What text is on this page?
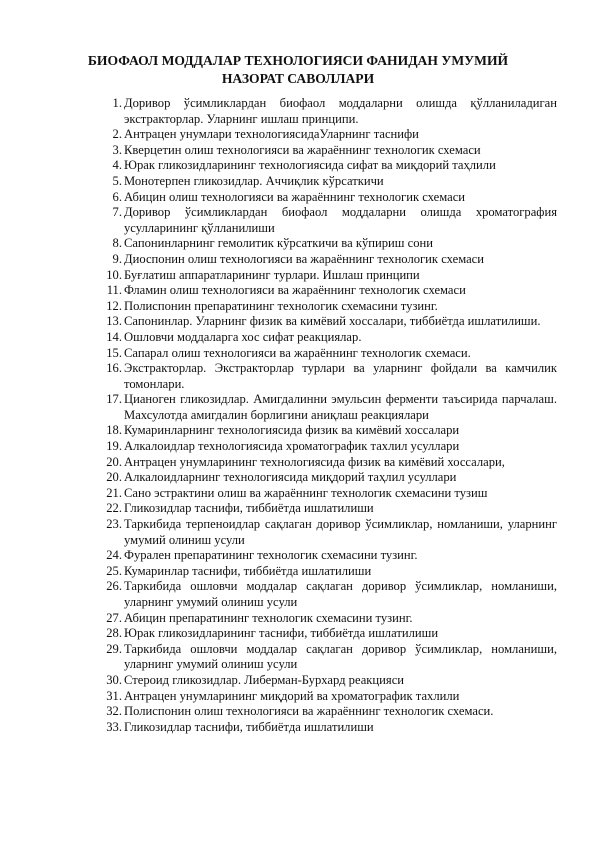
БИОФАОЛ МОДДАЛАР ТЕХНОЛОГИЯСИ ФАНИДАН УМУМИЙ
НАЗОРАТ САВОЛЛАРИ
1. Доривор ўсимликлардан биофаол моддаларни олишда қўлланиладиган экстракторлар. Уларнинг ишлаш принципи.
2. Антрацен унумлари технологиясидаУларнинг таснифи
3. Кверцетин олиш технологияси ва жараённинг технологик схемаси
4. Юрак гликозидларининг технологиясида сифат ва миқдорий таҳлили
5. Монотерпен гликозидлар. Аччиқлик кўрсаткичи
6. Абицин олиш технологияси ва жараённинг технологик схемаси
7. Доривор ўсимликлардан биофаол моддаларни олишда хроматография усулларининг қўлланилиши
8. Сапонинларнинг гемолитик кўрсаткичи ва кўпириш сони
9. Диоспонин олиш технологияси ва жараённинг технологик схемаси
10. Буғлатиш аппаратларининг турлари. Ишлаш принципи
11. Фламин олиш технологияси ва жараённинг технологик схемаси
12. Полиспонин препаратининг технологик схемасини тузинг.
13. Сапонинлар. Уларнинг физик ва кимёвий хоссалари, тиббиётда ишлатилиши.
14. Ошловчи моддаларга хос сифат реакциялар.
15. Сапарал олиш технологияси ва жараённинг технологик схемаси.
16. Экстракторлар. Экстракторлар турлари ва уларнинг фойдали ва камчилик томонлари.
17. Цианоген гликозидлар. Амигдалинни эмульсин ферменти таъсирида парчалаш. Махсулотда амигдалин борлигини аниқлаш реакциялари
18. Кумаринларнинг технологиясида физик ва кимёвий хоссалари
19. Алкалоидлар технологиясида хроматографик тахлил усуллари
20. Антрацен унумларининг технологиясида физик ва кимёвий хоссалари,
20. Алкалоидларнинг технологиясида миқдорий таҳлил усуллари
21. Сано эстрактини олиш ва жараённинг технологик схемасини тузиш
22. Гликозидлар таснифи, тиббиётда ишлатилиши
23. Таркибида терпеноидлар сақлаган доривор ўсимликлар, номланиши, уларнинг умумий олиниш усули
24. Фурален препаратининг технологик схемасини тузинг.
25. Кумаринлар таснифи, тиббиётда ишлатилиши
26. Таркибида ошловчи моддалар сақлаган доривор ўсимликлар, номланиши, уларнинг умумий олиниш усули
27. Абицин препаратининг технологик схемасини тузинг.
28. Юрак гликозидларининг таснифи, тиббиётда ишлатилиши
29. Таркибида ошловчи моддалар сақлаган доривор ўсимликлар, номланиши, уларнинг умумий олиниш усули
30. Стероид гликозидлар. Либерман-Бурхард реакцияси
31. Антрацен унумларининг миқдорий ва хроматографик тахлили
32. Полиспонин олиш технологияси ва жараённинг технологик схемаси.
33. Гликозидлар таснифи, тиббиётда ишлатилиши
